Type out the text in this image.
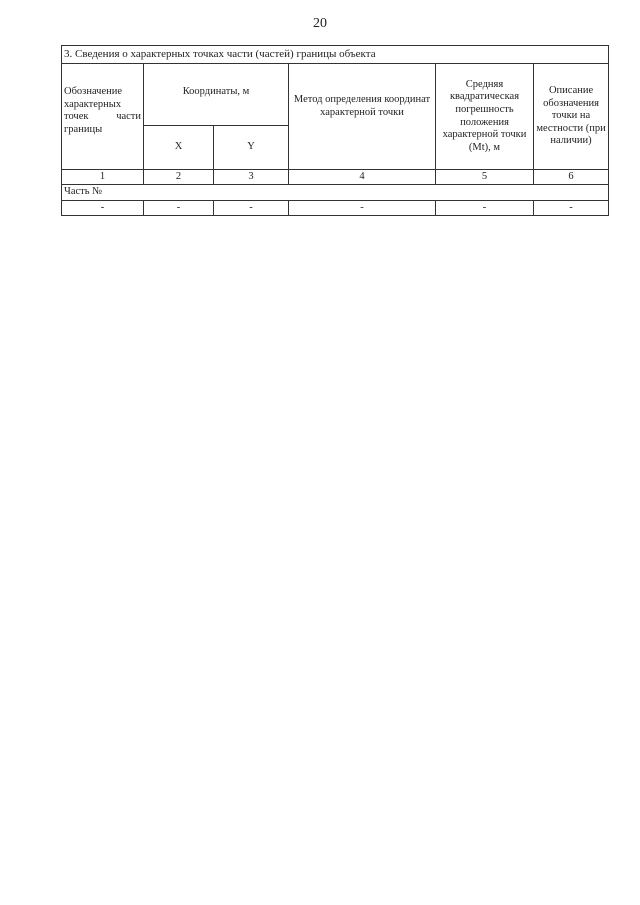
20
3. Сведения о характерных точках части (частей) границы объекта					
Обозначение характерных точек части границы	Координаты, м		Метод определения координат характерной точки	Средняя квадратическая погрешность положения характерной точки (Mt), м	Описание обозначения точки на местности (при наличии)
	X	Y			
1	2	3	4	5	6
Часть №					
-	-	-	-	-	-
